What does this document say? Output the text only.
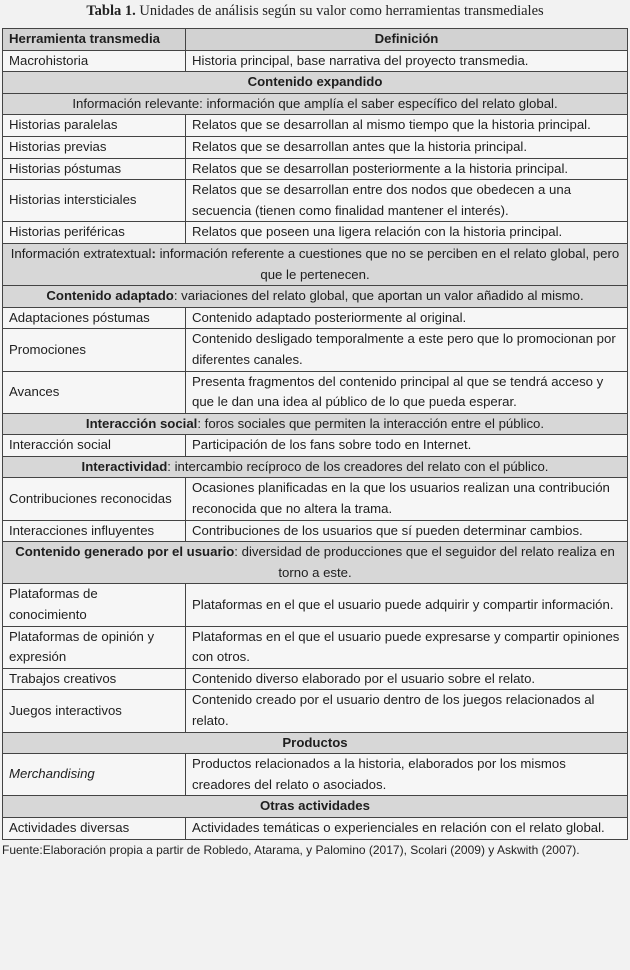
Tabla 1. Unidades de análisis según su valor como herramientas transmediales
Herramienta transmedia	Definición
Macrohistoria	Historia principal, base narrativa del proyecto transmedia.
Contenido expandido	
Información relevante: información que amplía el saber específico del relato global.	
Historias paralelas	Relatos que se desarrollan al mismo tiempo que la historia principal.
Historias previas	Relatos que se desarrollan antes que la historia principal.
Historias póstumas	Relatos que se desarrollan posteriormente a la historia principal.
Historias intersticiales	Relatos que se desarrollan entre dos nodos que obedecen a una secuencia (tienen como finalidad mantener el interés).
Historias periféricas	Relatos que poseen una ligera relación con la historia principal.
Información extratextual: información referente a cuestiones que no se perciben en el relato global, pero que le pertenecen.	
Contenido adaptado: variaciones del relato global, que aportan un valor añadido al mismo.	
Adaptaciones póstumas	Contenido adaptado posteriormente al original.
Promociones	Contenido desligado temporalmente a este pero que lo promocionan por diferentes canales.
Avances	Presenta fragmentos del contenido principal al que se tendrá acceso y que le dan una idea al público de lo que pueda esperar.
Interacción social: foros sociales que permiten la interacción entre el público.	
Interacción social	Participación de los fans sobre todo en Internet.
Interactividad: intercambio recíproco de los creadores del relato con el público.	
Contribuciones reconocidas	Ocasiones planificadas en la que los usuarios realizan una contribución reconocida que no altera la trama.
Interacciones influyentes	Contribuciones de los usuarios que sí pueden determinar cambios.
Contenido generado por el usuario: diversidad de producciones que el seguidor del relato realiza en torno a este.	
Plataformas de conocimiento	Plataformas en el que el usuario puede adquirir y compartir información.
Plataformas de opinión y expresión	Plataformas en el que el usuario puede expresarse y compartir opiniones con otros.
Trabajos creativos	Contenido diverso elaborado por el usuario sobre el relato.
Juegos interactivos	Contenido creado por el usuario dentro de los juegos relacionados al relato.
Productos	
Merchandising	Productos relacionados a la historia, elaborados por los mismos creadores del relato o asociados.
Otras actividades	
Actividades diversas	Actividades temáticas o experienciales en relación con el relato global.
Fuente:Elaboración propia a partir de Robledo, Atarama, y Palomino (2017), Scolari (2009) y Askwith (2007).
